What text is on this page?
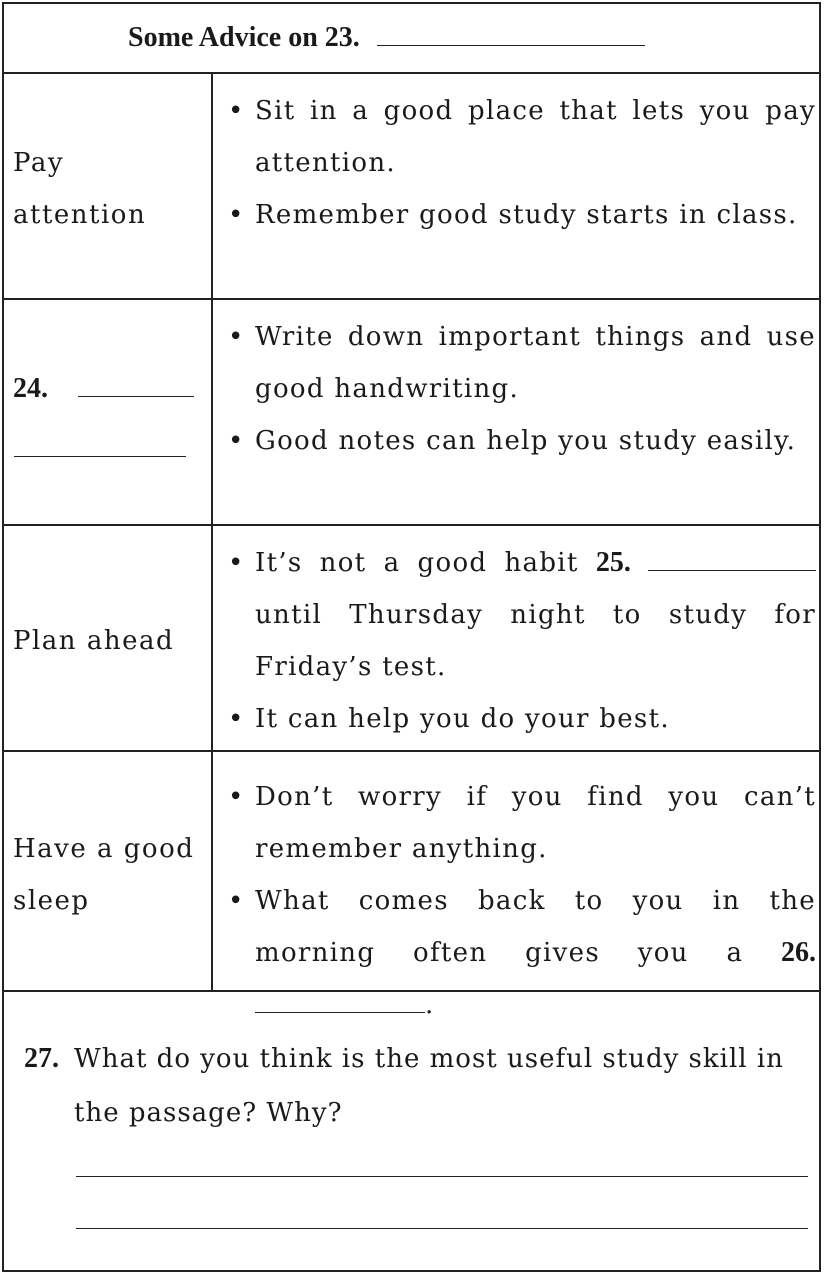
Some Advice on 23.
Pay attention
• Sit in a good place that lets you pay attention.
• Remember good study starts in class.
24.
• Write down important things and use good handwriting.
• Good notes can help you study easily.
Plan ahead
• It’s not a good habit 25.  until Thursday night to study for Friday’s test.
• It can help you do your best.
Have a good sleep
• Don’t worry if you find you can’t remember anything.
• What comes back to you in the morning often gives you a 26. .
27. What do you think is the most useful study skill in the passage? Why?
